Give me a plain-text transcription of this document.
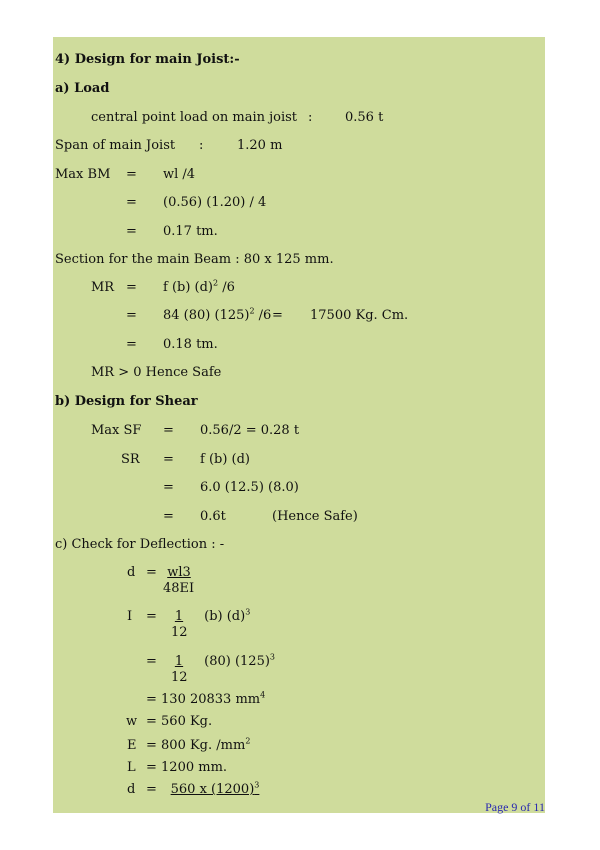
4) Design for main Joist:-
a) Load
central point load on main joist :	0.56 t
Span of main Joist :	1.20 m
Max BM = wl /4
= (0.56) (1.20) / 4
= 0.17 tm.
Section for the main Beam : 80 x 125 mm.
MR = f (b) $(d)^2$ /6
= 84 (80) $(125)^2$ /6 = 17500 Kg. Cm.
= 0.18 tm.
MR > 0 Hence Safe
b) Design for Shear
Max SF = 0.56/2 = 0.28 t
SR = f (b) (d)
= 6.0 (12.5) (8.0)
= 0.6t	(Hence Safe)
c) Check for Deflection : -
d = wl3
48EI
I =	1 (b) $(d)^3$
12
=	1 (80) $(125)^3$
12
= 130 20833 $mm^4$
w = 560 Kg.
E = 800 Kg. $/mm^2$
L = 1200 mm.
d =	560 x $(1200)^3$
Page 9 of 11
